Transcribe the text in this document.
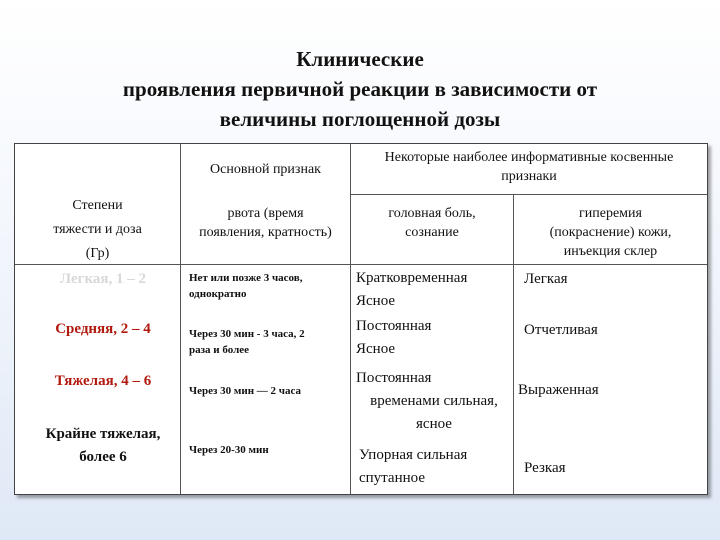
Клинические
проявления первичной реакции в зависимости от
величины поглощенной дозы
Основной признак
Некоторые наиболее информативные косвенные
признаки
Степени
тяжести и доза
(Гр)
рвота (время
появления, кратность)
головная боль,
сознание
гиперемия
(покраснение) кожи,
инъекция склер
Легкая, 1 – 2
Средняя, 2 – 4
Тяжелая, 4 – 6
Крайне тяжелая,
более 6
Нет или позже 3 часов,
однократно
Через 30 мин - 3 часа, 2
раза и более
Через 30 мин — 2 часа
Через 20-30 мин
Кратковременная
Ясное
Постоянная
Ясное
Постоянная
временами сильная,
ясное
Упорная сильная
спутанное
Легкая
Отчетливая
Выраженная
Резкая
